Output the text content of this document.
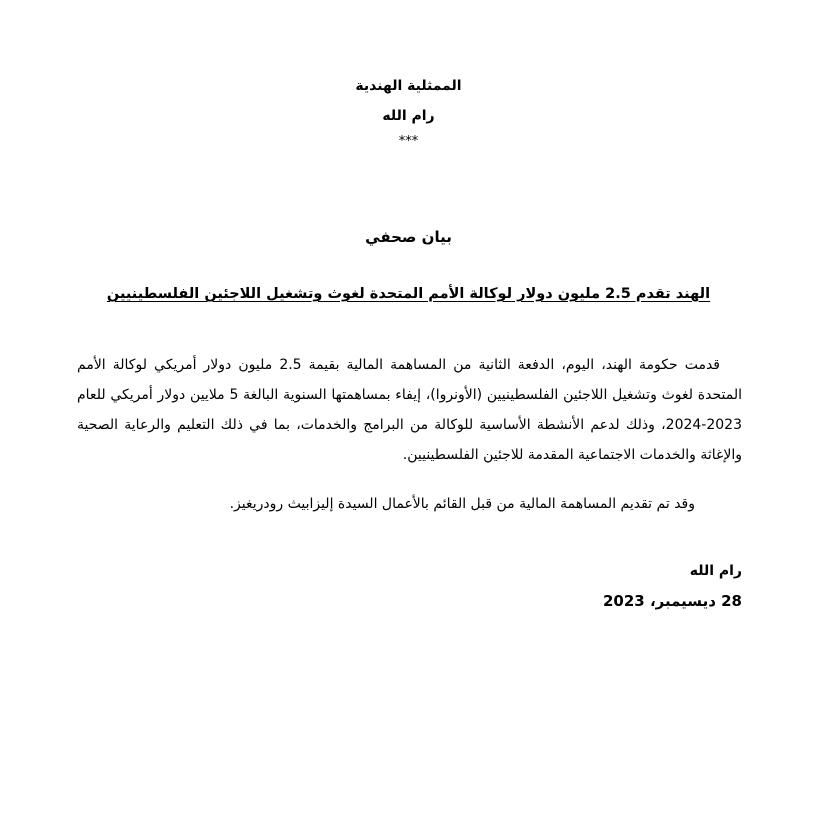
الممثلية الهندية
رام الله
***
بيان صحفي
الهند تقدم 2.5 مليون دولار لوكالة الأمم المتحدة لغوث وتشغيل اللاجئين الفلسطينيين
قدمت حكومة الهند، اليوم، الدفعة الثانية من المساهمة المالية بقيمة 2.5 مليون دولار أمريكي لوكالة الأمم المتحدة لغوث وتشغيل اللاجئين الفلسطينيين (الأونروا)، إيفاء بمساهمتها السنوية البالغة 5 ملايين دولار أمريكي للعام 2023-2024، وذلك لدعم الأنشطة الأساسية للوكالة من البرامج والخدمات، بما في ذلك التعليم والرعاية الصحية والإغاثة والخدمات الاجتماعية المقدمة للاجئين الفلسطينيين.
وقد تم تقديم المساهمة المالية من قبل القائم بالأعمال السيدة إليزابيث رودريغيز.
رام الله
28 ديسيمبر، 2023
